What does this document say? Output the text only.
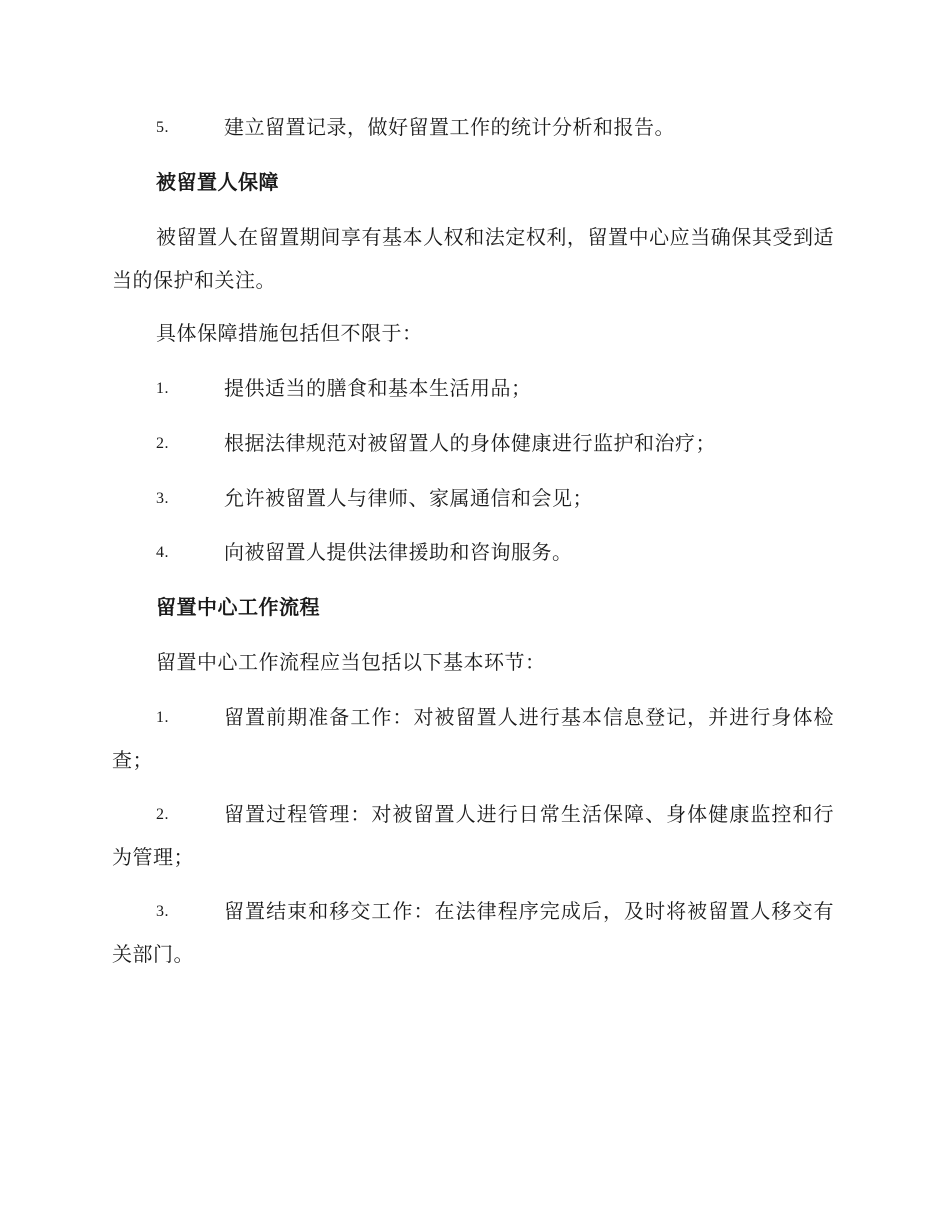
5.	建立留置记录，做好留置工作的统计分析和报告。
被留置人保障
被留置人在留置期间享有基本人权和法定权利，留置中心应当确保其受到适当的保护和关注。
具体保障措施包括但不限于：
1.	提供适当的膳食和基本生活用品；
2.	根据法律规范对被留置人的身体健康进行监护和治疗；
3.	允许被留置人与律师、家属通信和会见；
4.	向被留置人提供法律援助和咨询服务。
留置中心工作流程
留置中心工作流程应当包括以下基本环节：
1.	留置前期准备工作：对被留置人进行基本信息登记，并进行身体检查；
2.	留置过程管理：对被留置人进行日常生活保障、身体健康监控和行为管理；
3.	留置结束和移交工作：在法律程序完成后，及时将被留置人移交有关部门。
